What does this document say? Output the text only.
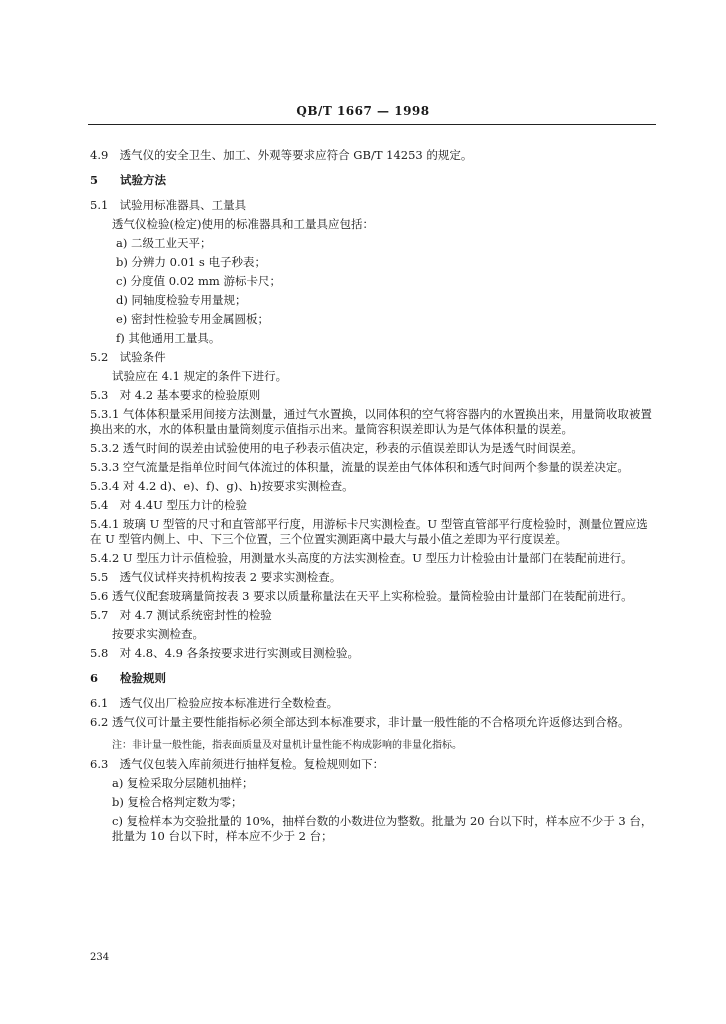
QB/T 1667 — 1998
4.9 透气仪的安全卫生、加工、外观等要求应符合 GB/T 14253 的规定。
5 试验方法
5.1 试验用标准器具、工量具
透气仪检验(检定)使用的标准器具和工量具应包括：
a) 二级工业天平；
b) 分辨力 0.01 s 电子秒表；
c) 分度值 0.02 mm 游标卡尺；
d) 同轴度检验专用量规；
e) 密封性检验专用金属圆板；
f) 其他通用工量具。
5.2 试验条件
试验应在 4.1 规定的条件下进行。
5.3 对 4.2 基本要求的检验原则
5.3.1 气体体积量采用间接方法测量，通过气水置换，以同体积的空气将容器内的水置换出来，用量筒收取被置换出来的水，水的体积量由量筒刻度示值指示出来。量筒容积误差即认为是气体体积量的误差。
5.3.2 透气时间的误差由试验使用的电子秒表示值决定，秒表的示值误差即认为是透气时间误差。
5.3.3 空气流量是指单位时间气体流过的体积量，流量的误差由气体体积和透气时间两个参量的误差决定。
5.3.4 对 4.2 d)、e)、f)、g)、h)按要求实测检查。
5.4 对 4.4U 型压力计的检验
5.4.1 玻璃 U 型管的尺寸和直管部平行度，用游标卡尺实测检查。U 型管直管部平行度检验时，测量位置应选在 U 型管内侧上、中、下三个位置，三个位置实测距离中最大与最小值之差即为平行度误差。
5.4.2 U 型压力计示值检验，用测量水头高度的方法实测检查。U 型压力计检验由计量部门在装配前进行。
5.5 透气仪试样夹持机构按表 2 要求实测检查。
5.6 透气仪配套玻璃量筒按表 3 要求以质量称量法在天平上实称检验。量筒检验由计量部门在装配前进行。
5.7 对 4.7 测试系统密封性的检验
按要求实测检查。
5.8 对 4.8、4.9 各条按要求进行实测或目测检验。
6 检验规则
6.1 透气仪出厂检验应按本标准进行全数检查。
6.2 透气仪可计量主要性能指标必须全部达到本标准要求，非计量一般性能的不合格项允许返修达到合格。
注：非计量一般性能，指表面质量及对量机计量性能不构成影响的非量化指标。
6.3 透气仪包装入库前须进行抽样复检。复检规则如下：
a) 复检采取分层随机抽样；
b) 复检合格判定数为零；
c) 复检样本为交验批量的 10%，抽样台数的小数进位为整数。批量为 20 台以下时，样本应不少于 3 台，批量为 10 台以下时，样本应不少于 2 台；
234
